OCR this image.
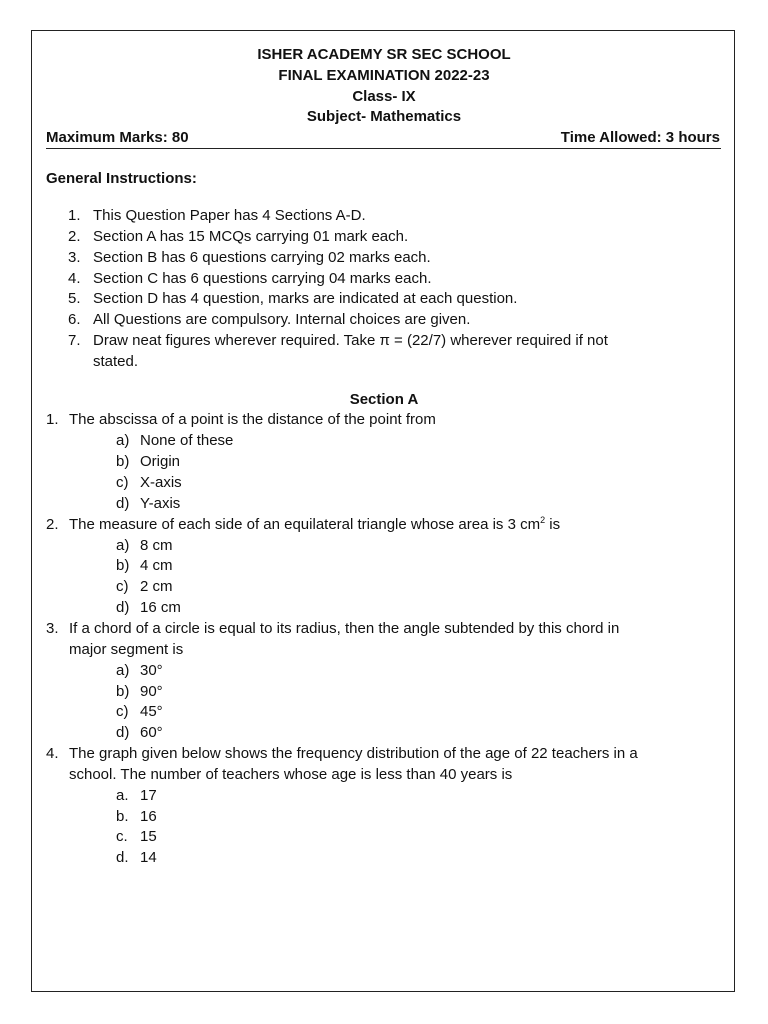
ISHER ACADEMY SR SEC SCHOOL
FINAL EXAMINATION 2022-23
Class- IX
Subject- Mathematics
Maximum Marks: 80	Time Allowed: 3 hours
General Instructions:
1. This Question Paper has 4 Sections A-D.
2. Section A has 15 MCQs carrying 01 mark each.
3. Section B has 6 questions carrying 02 marks each.
4. Section C has 6 questions carrying 04 marks each.
5. Section D has 4 question, marks are indicated at each question.
6. All Questions are compulsory. Internal choices are given.
7. Draw neat figures wherever required. Take π = (22/7) wherever required if not
stated.
Section A
1. The abscissa of a point is the distance of the point from
a) None of these
b) Origin
c) X-axis
d) Y-axis
2. The measure of each side of an equilateral triangle whose area is 3 $cm^2$ is
a) 8 cm
b) 4 cm
c) 2 cm
d) 16 cm
3. If a chord of a circle is equal to its radius, then the angle subtended by this chord in
major segment is
a) 30°
b) 90°
c) 45°
d) 60°
4. The graph given below shows the frequency distribution of the age of 22 teachers in a
school. The number of teachers whose age is less than 40 years is
a. 17
b. 16
c. 15
d. 14
